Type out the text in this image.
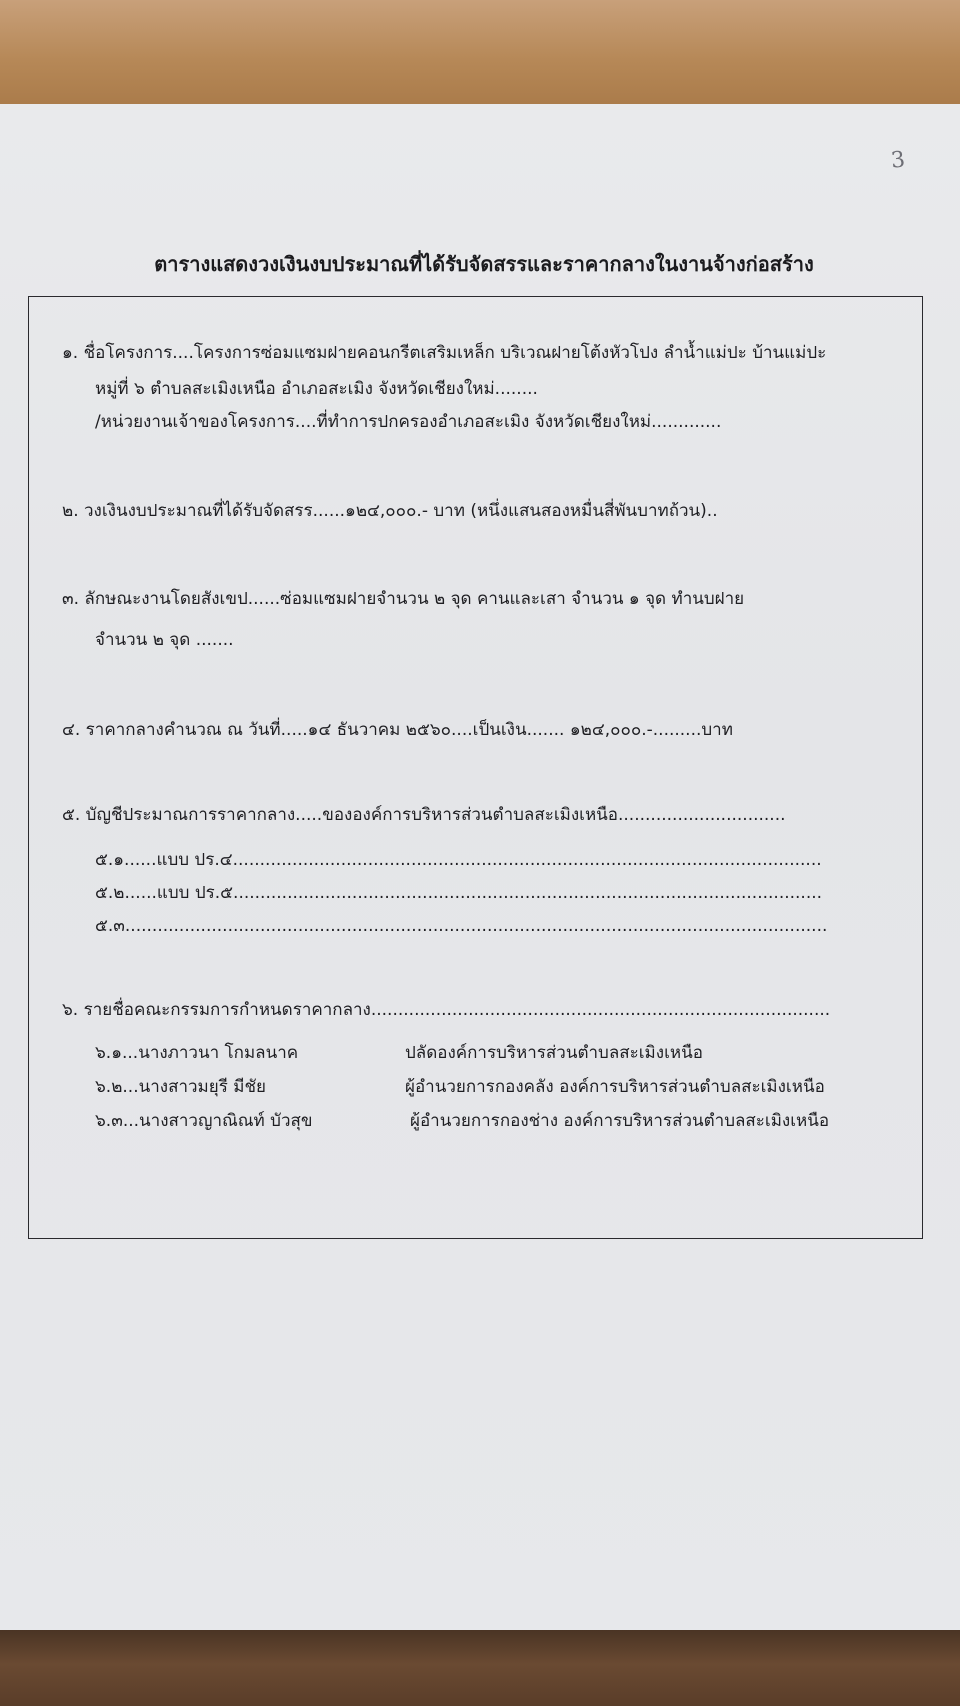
3
ตารางแสดงวงเงินงบประมาณที่ได้รับจัดสรรและราคากลางในงานจ้างก่อสร้าง
๑. ชื่อโครงการ....โครงการซ่อมแซมฝายคอนกรีตเสริมเหล็ก บริเวณฝายโต้งหัวโปง ลำน้ำแม่ปะ บ้านแม่ปะ
หมู่ที่ ๖ ตำบลสะเมิงเหนือ อำเภอสะเมิง จังหวัดเชียงใหม่........
/หน่วยงานเจ้าของโครงการ....ที่ทำการปกครองอำเภอสะเมิง จังหวัดเชียงใหม่.............
๒. วงเงินงบประมาณที่ได้รับจัดสรร......๑๒๔,๐๐๐.- บาท (หนึ่งแสนสองหมื่นสี่พันบาทถ้วน)..
๓. ลักษณะงานโดยสังเขป......ซ่อมแซมฝายจำนวน ๒ จุด คานและเสา จำนวน ๑ จุด ทำนบฝาย
จำนวน ๒ จุด .......
๔. ราคากลางคำนวณ ณ วันที่.....๑๔ ธันวาคม ๒๕๖๐....เป็นเงิน....... ๑๒๔,๐๐๐.-.........บาท
๕. บัญชีประมาณการราคากลาง.....ขององค์การบริหารส่วนตำบลสะเมิงเหนือ...............................
๕.๑......แบบ ปร.๔.............................................................................................................
๕.๒......แบบ ปร.๕.............................................................................................................
๕.๓..................................................................................................................................
๖. รายชื่อคณะกรรมการกำหนดราคากลาง.....................................................................................
๖.๑...นางภาวนา โกมลนาค	ปลัดองค์การบริหารส่วนตำบลสะเมิงเหนือ
๖.๒...นางสาวมยุรี มีชัย	ผู้อำนวยการกองคลัง องค์การบริหารส่วนตำบลสะเมิงเหนือ
๖.๓...นางสาวญาณิณท์ บัวสุข	ผู้อำนวยการกองช่าง องค์การบริหารส่วนตำบลสะเมิงเหนือ
